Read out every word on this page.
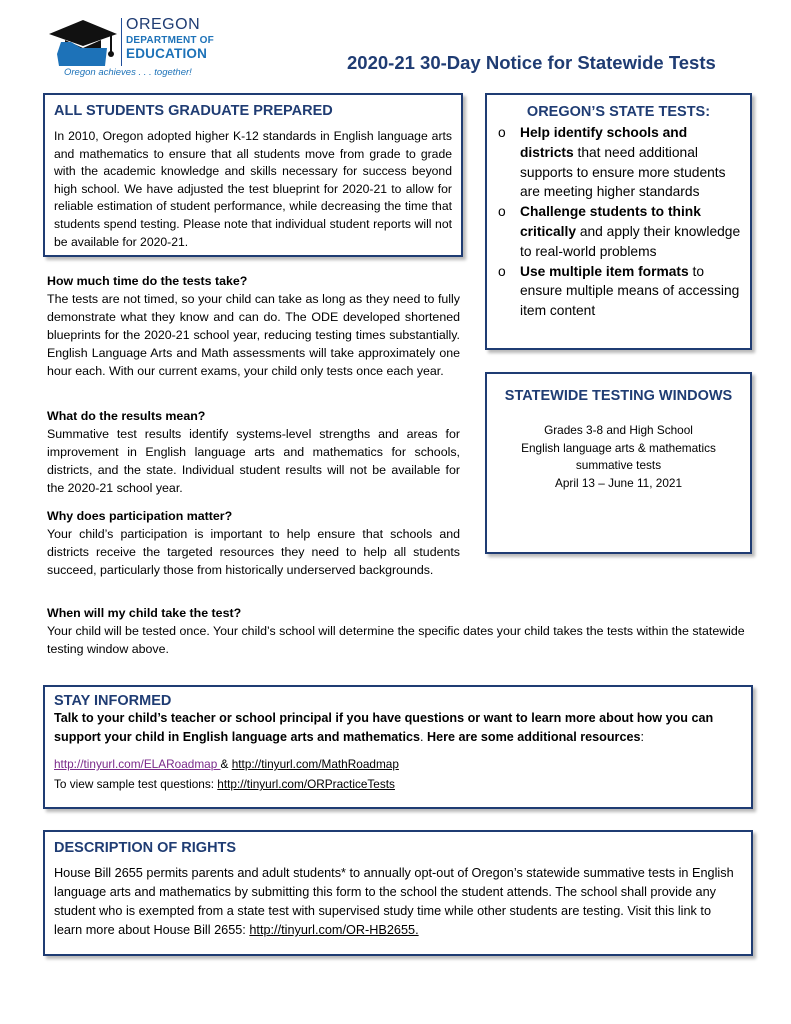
OREGON
DEPARTMENT OF
EDUCATION
Oregon achieves . . . together!	2020-21 30-Day Notice for Statewide Tests
ALL STUDENTS GRADUATE PREPARED

In 2010, Oregon adopted higher K-12 standards in English language arts and mathematics to ensure that all students move from grade to grade with the academic knowledge and skills necessary for success beyond high school. We have adjusted the test blueprint for 2020-21 to allow for reliable estimation of student performance, while decreasing the time that students spend testing. Please note that individual student reports will not be available for 2020-21.

OREGON’S STATE TESTS:
o Help identify schools and districts that need additional supports to ensure more students are meeting higher standards
o Challenge students to think critically and apply their knowledge to real-world problems
o Use multiple item formats to ensure multiple means of accessing item content
STATEWIDE TESTING WINDOWS
Grades 3-8 and High School
English language arts & mathematics
summative tests
April 13 – June 11, 2021
How much time do the tests take?

The tests are not timed, so your child can take as long as they need to fully demonstrate what they know and can do. The ODE developed shortened blueprints for the 2020-21 school year, reducing testing times substantially. English Language Arts and Math assessments will take approximately one hour each. With our current exams, your child only tests once each year.

What do the results mean?

Summative test results identify systems-level strengths and areas for improvement in English language arts and mathematics for schools, districts, and the state. Individual student results will not be available for the 2020-21 school year.

Why does participation matter?

Your child’s participation is important to help ensure that schools and districts receive the targeted resources they need to help all students succeed, particularly those from historically underserved backgrounds.

When will my child take the test?

Your child will be tested once. Your child’s school will determine the specific dates your child takes the tests within the statewide testing window above.

STAY INFORMED
Talk to your child’s teacher or school principal if you have questions or want to learn more about how you can support your child in English language arts and mathematics. Here are some additional resources:
http://tinyurl.com/ELARoadmap & http://tinyurl.com/MathRoadmap
To view sample test questions: http://tinyurl.com/ORPracticeTests
DESCRIPTION OF RIGHTS

House Bill 2655 permits parents and adult students* to annually opt-out of Oregon’s statewide summative tests in English language arts and mathematics by submitting this form to the school the student attends. The school shall provide any student who is exempted from a state test with supervised study time while other students are testing. Visit this link to learn more about House Bill 2655: http://tinyurl.com/OR-HB2655.
